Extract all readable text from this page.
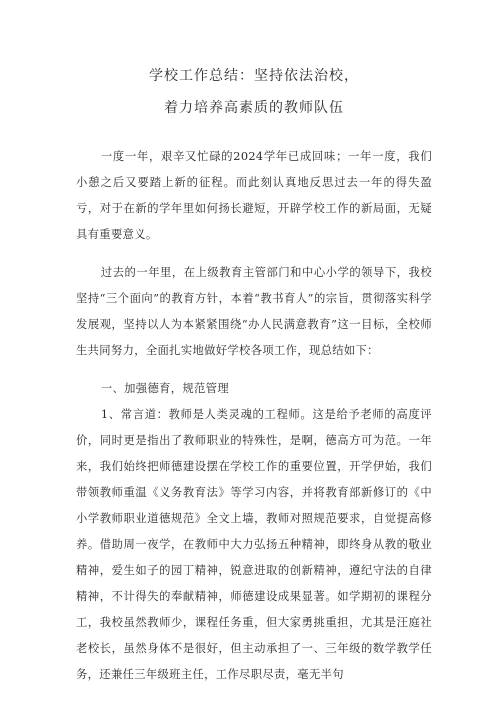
学校工作总结：坚持依法治校，

着力培养高素质的教师队伍

一度一年，艰辛又忙碌的2024学年已成回味；一年一度，我们小憩之后又要踏上新的征程。而此刻认真地反思过去一年的得失盈亏，对于在新的学年里如何扬长避短，开辟学校工作的新局面，无疑具有重要意义。

过去的一年里，在上级教育主管部门和中心小学的领导下，我校坚持“三个面向”的教育方针，本着“教书育人”的宗旨，贯彻落实科学发展观，坚持以人为本紧紧围绕“办人民满意教育”这一目标，全校师生共同努力，全面扎实地做好学校各项工作，现总结如下：

一、加强德育，规范管理

1、常言道：教师是人类灵魂的工程师。这是给予老师的高度评价，同时更是指出了教师职业的特殊性，是啊，德高方可为范。一年来，我们始终把师德建设摆在学校工作的重要位置，开学伊始，我们带领教师重温《义务教育法》等学习内容，并将教育部新修订的《中小学教师职业道德规范》全文上墙，教师对照规范要求，自觉提高修养。借助周一夜学，在教师中大力弘扬五种精神，即终身从教的敬业精神，爱生如子的园丁精神，锐意进取的创新精神，遵纪守法的自律精神，不计得失的奉献精神，师德建设成果显著。如学期初的课程分工，我校虽然教师少，课程任务重，但大家勇挑重担，尤其是汪庭社老校长，虽然身体不是很好，但主动承担了一、三年级的数学教学任务，还兼任三年级班主任，工作尽职尽责，毫无半句
